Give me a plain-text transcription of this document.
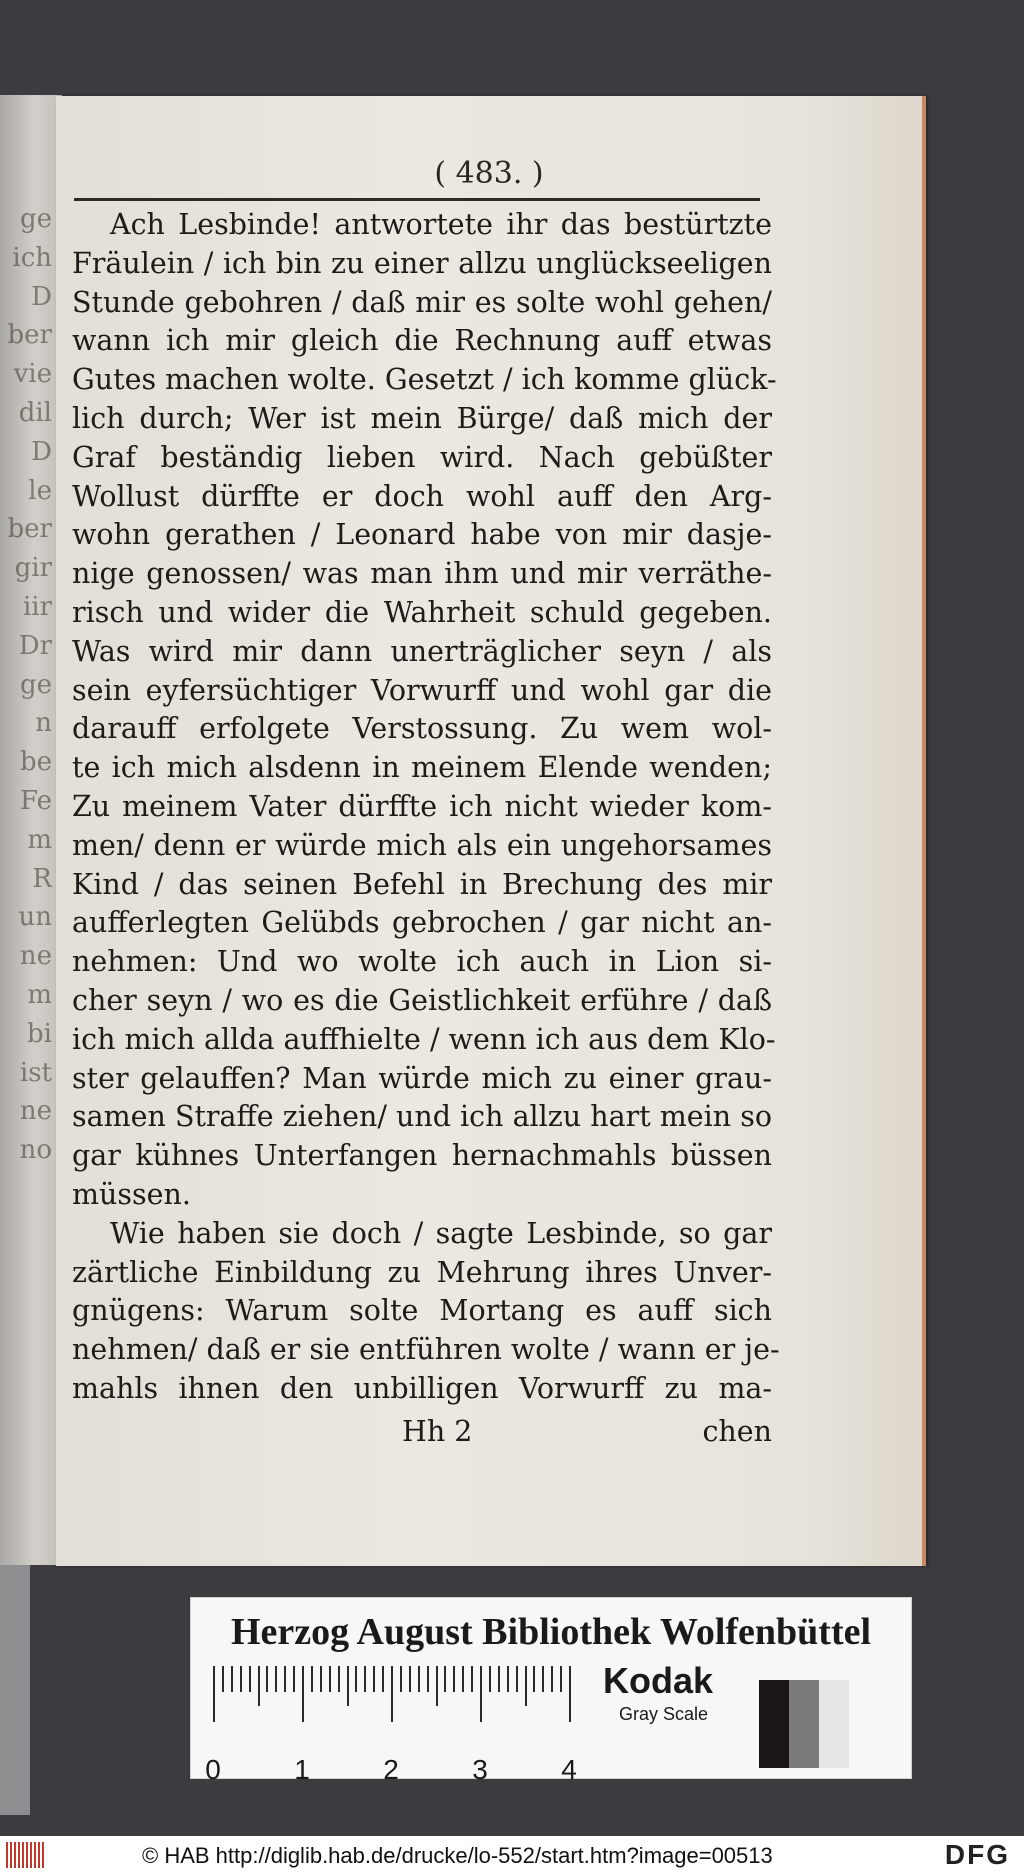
ge
ich
D
ber
vie
dil
D
le
ber
gir
iir
Dr
ge
n
be
Fe
m
R
un
ne
m
bi
ist
ne
no
( 483. )
Ach Lesbinde! antwortete ihr das bestürtzte
Fräulein / ich bin zu einer allzu unglückseeligen
Stunde gebohren / daß mir es solte wohl gehen/
wann ich mir gleich die Rechnung auff etwas
Gutes machen wolte. Gesetzt / ich komme glück-
lich durch; Wer ist mein Bürge/ daß mich der
Graf beständig lieben wird. Nach gebüßter
Wollust dürffte er doch wohl auff den Arg-
wohn gerathen / Leonard habe von mir dasje-
nige genossen/ was man ihm und mir verräthe-
risch und wider die Wahrheit schuld gegeben.
Was wird mir dann unerträglicher seyn / als
sein eyfersüchtiger Vorwurff und wohl gar die
darauff erfolgete Verstossung. Zu wem wol-
te ich mich alsdenn in meinem Elende wenden;
Zu meinem Vater dürffte ich nicht wieder kom-
men/ denn er würde mich als ein ungehorsames
Kind / das seinen Befehl in Brechung des mir
aufferlegten Gelübds gebrochen / gar nicht an-
nehmen: Und wo wolte ich auch in Lion si-
cher seyn / wo es die Geistlichkeit erführe / daß
ich mich allda auffhielte / wenn ich aus dem Klo-
ster gelauffen? Man würde mich zu einer grau-
samen Straffe ziehen/ und ich allzu hart mein so
gar kühnes Unterfangen hernachmahls büssen
müssen.
Wie haben sie doch / sagte Lesbinde, so gar
zärtliche Einbildung zu Mehrung ihres Unver-
gnügens: Warum solte Mortang es auff sich
nehmen/ daß er sie entführen wolte / wann er je-
mahls ihnen den unbilligen Vorwurff zu ma-
Hh 2	chen
Herzog August Bibliothek Wolfenbüttel
0	1	2	3	4
Kodak
Gray Scale
© HAB http://diglib.hab.de/drucke/lo-552/start.htm?image=00513	DFG
